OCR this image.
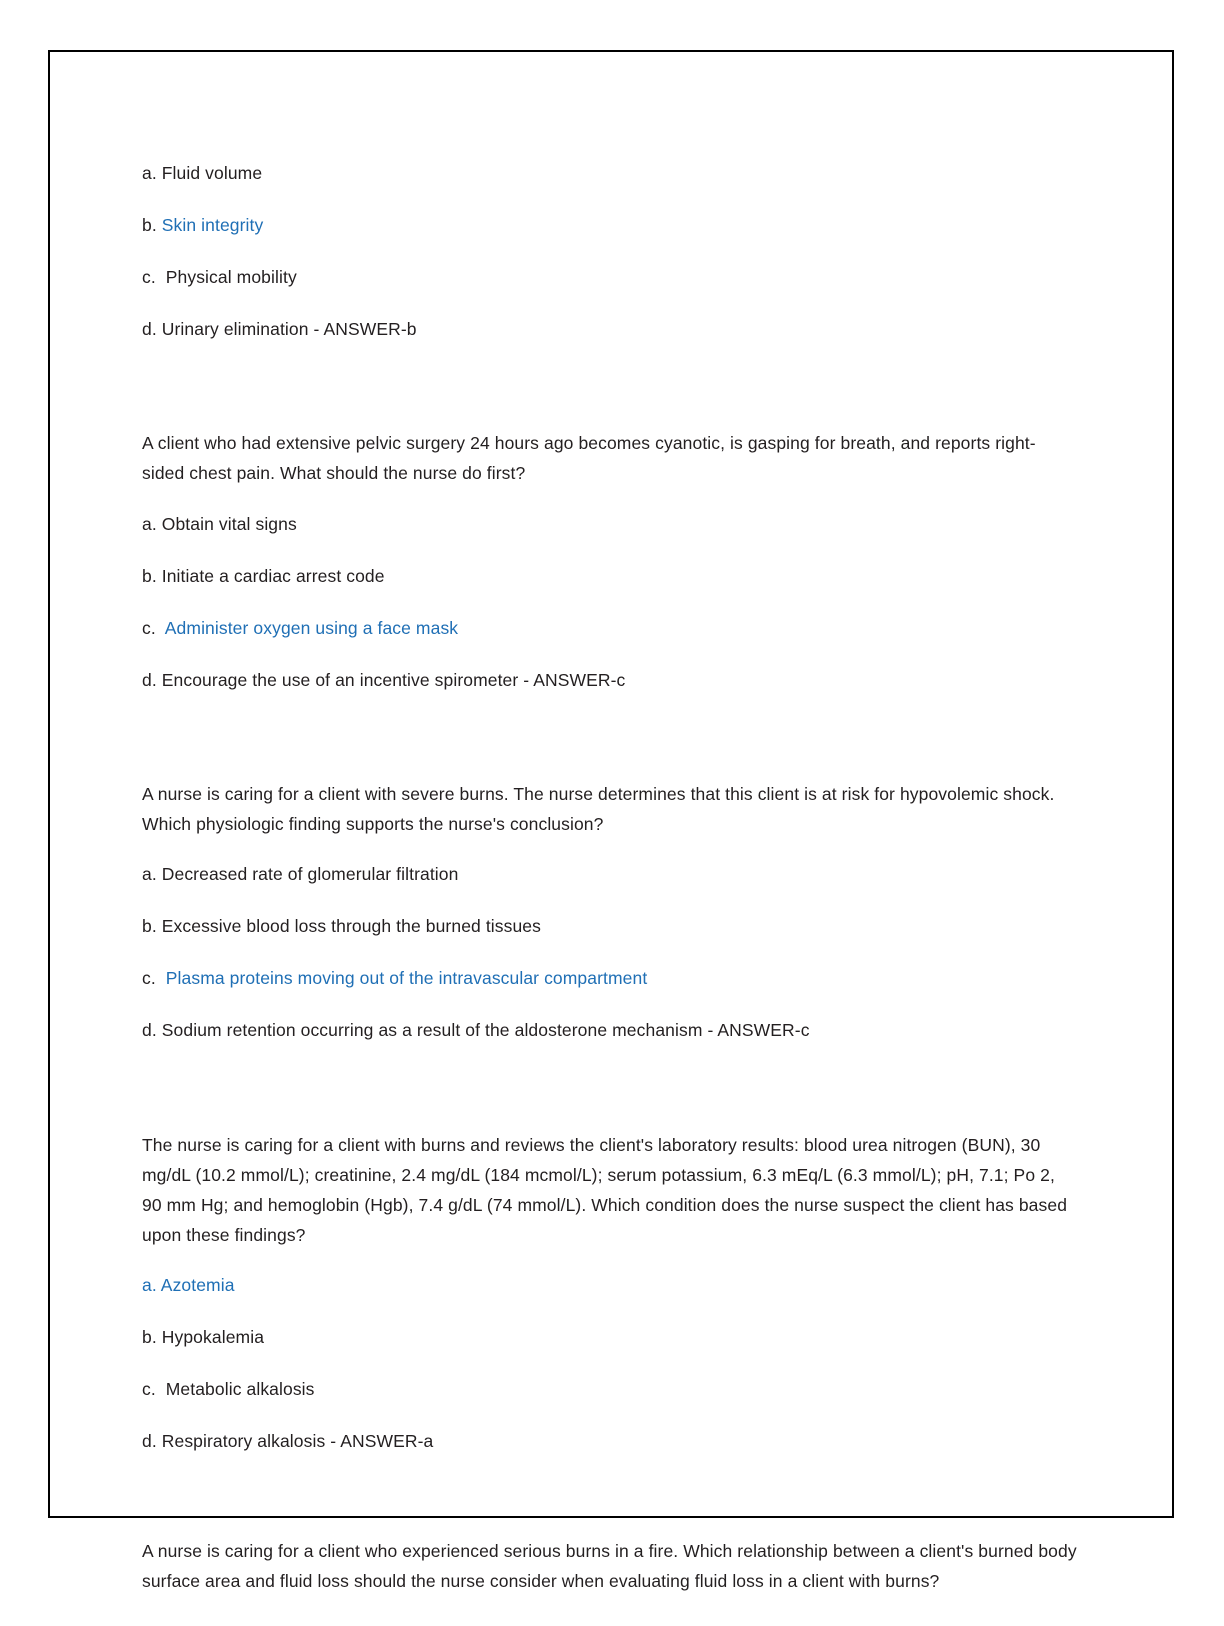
a. Fluid volume

b. Skin integrity

c. Physical mobility

d. Urinary elimination - ANSWER-b

A client who had extensive pelvic surgery 24 hours ago becomes cyanotic, is gasping for breath, and reports right-sided chest pain. What should the nurse do first?

a. Obtain vital signs

b. Initiate a cardiac arrest code

c. Administer oxygen using a face mask

d. Encourage the use of an incentive spirometer - ANSWER-c

A nurse is caring for a client with severe burns. The nurse determines that this client is at risk for hypovolemic shock. Which physiologic finding supports the nurse's conclusion?

a. Decreased rate of glomerular filtration

b. Excessive blood loss through the burned tissues

c. Plasma proteins moving out of the intravascular compartment

d. Sodium retention occurring as a result of the aldosterone mechanism - ANSWER-c

The nurse is caring for a client with burns and reviews the client's laboratory results: blood urea nitrogen (BUN), 30 mg/dL (10.2 mmol/L); creatinine, 2.4 mg/dL (184 mcmol/L); serum potassium, 6.3 mEq/L (6.3 mmol/L); pH, 7.1; Po 2, 90 mm Hg; and hemoglobin (Hgb), 7.4 g/dL (74 mmol/L). Which condition does the nurse suspect the client has based upon these findings?

a. Azotemia

b. Hypokalemia

c. Metabolic alkalosis

d. Respiratory alkalosis - ANSWER-a

A nurse is caring for a client who experienced serious burns in a fire. Which relationship between a client's burned body surface area and fluid loss should the nurse consider when evaluating fluid loss in a client with burns?
